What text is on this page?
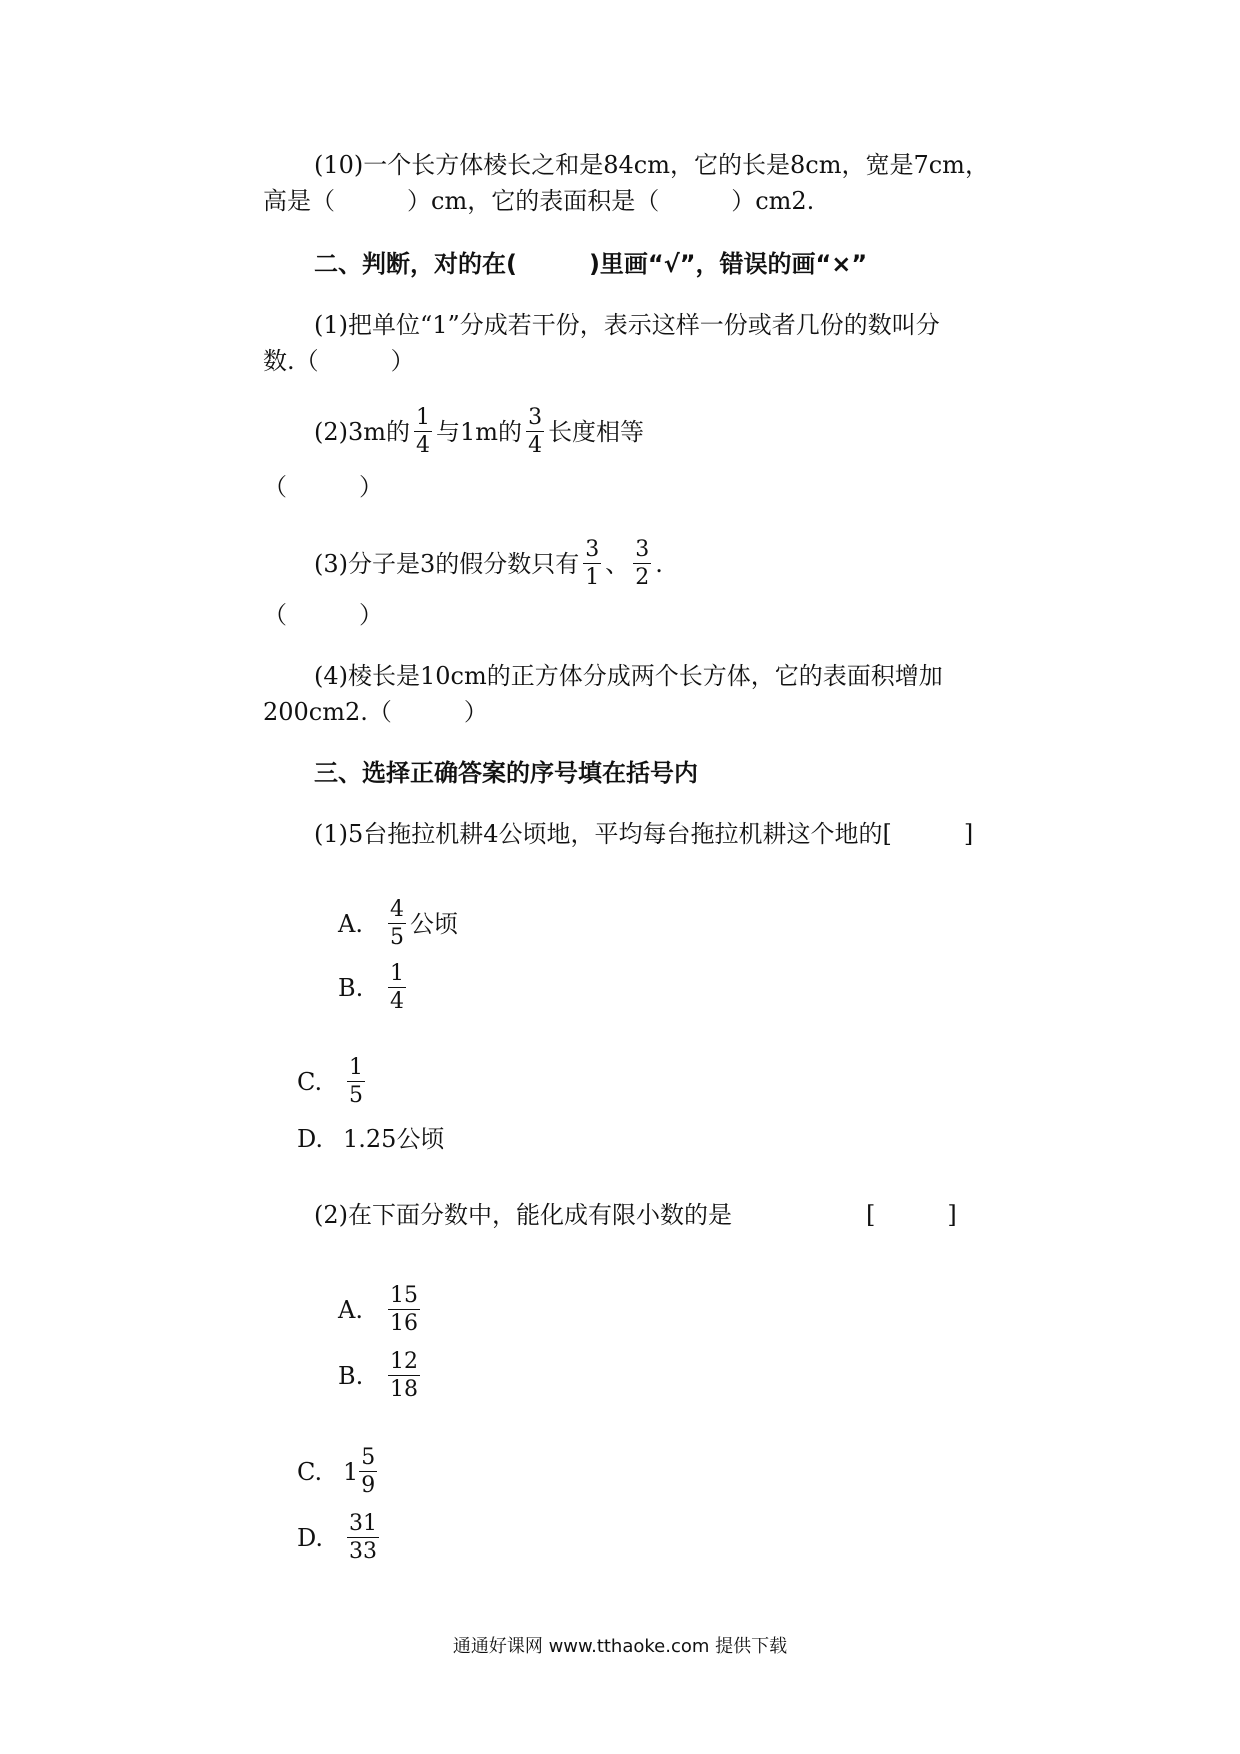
(10)一个长方体棱长之和是84cm，它的长是8cm，宽是7cm，
高是（　　　）cm，它的表面积是（　　　）cm2.
二、判断，对的在(　　　)里画“√”，错误的画“×”
(1)把单位“1”分成若干份，表示这样一份或者几份的数叫分
数.（　　　）
(2)3m的 $\frac{1}{4}$ 与1m的 $\frac{3}{4}$ 长度相等
（　　　）
(3)分子是3的假分数只有 $\frac{3}{1}$ 、 $\frac{3}{2}$ .
（　　　）
(4)棱长是10cm的正方体分成两个长方体，它的表面积增加
200cm2.（　　　）
三、选择正确答案的序号填在括号内
(1)5台拖拉机耕4公顷地，平均每台拖拉机耕这个地的[　　　]
A.	$\frac{4}{5}$ 公顷
B.	$\frac{1}{4}$
C.	$\frac{1}{5}$
D. 1.25公顷
(2)在下面分数中，能化成有限小数的是	[　　　]
A.	$\frac{15}{16}$
B.	$\frac{12}{18}$
C. $1 \frac{5}{9}$
D.	$\frac{31}{33}$
通通好课网 www.tthaoke.com 提供下载
